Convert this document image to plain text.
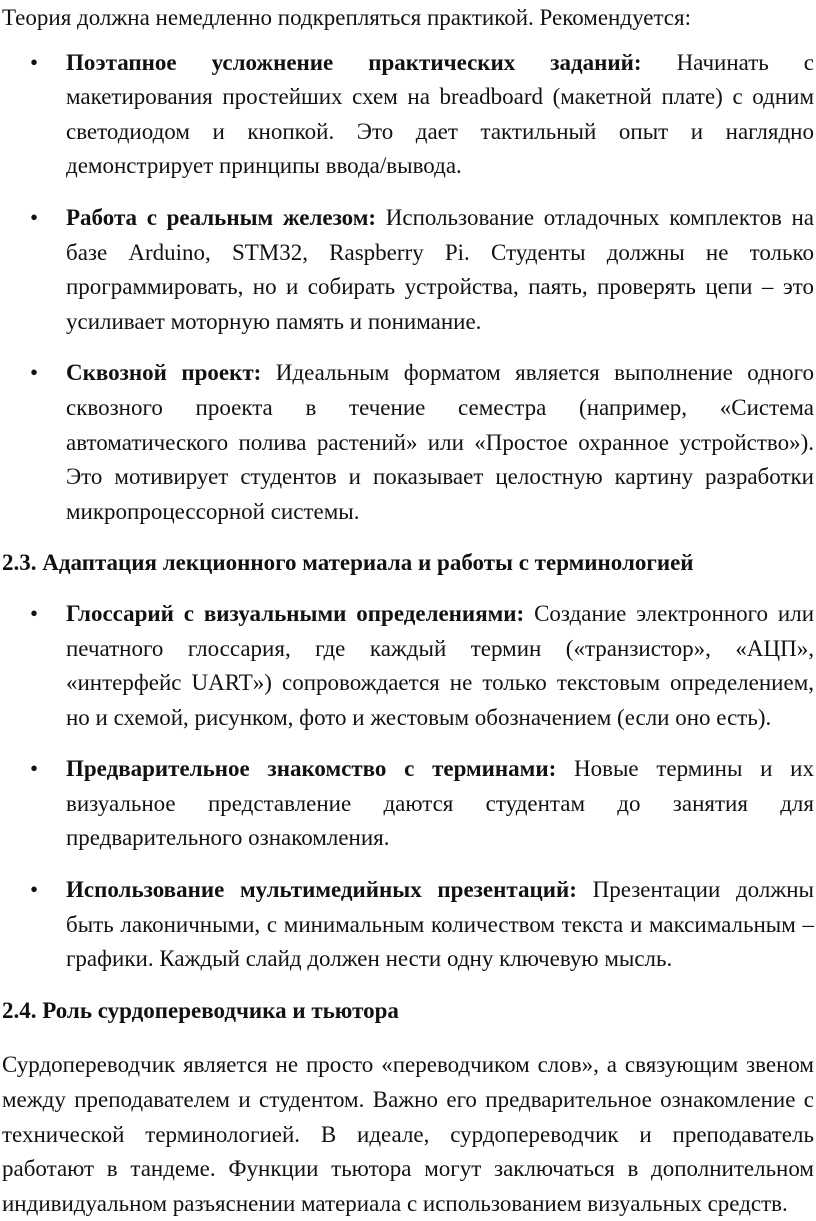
Теория должна немедленно подкрепляться практикой. Рекомендуется:

• Поэтапное усложнение практических заданий: Начинать с макетирования простейших схем на breadboard (макетной плате) с одним светодиодом и кнопкой. Это дает тактильный опыт и наглядно демонстрирует принципы ввода/вывода.
• Работа с реальным железом: Использование отладочных комплектов на базе Arduino, STM32, Raspberry Pi. Студенты должны не только программировать, но и собирать устройства, паять, проверять цепи – это усиливает моторную память и понимание.
• Сквозной проект: Идеальным форматом является выполнение одного сквозного проекта в течение семестра (например, «Система автоматического полива растений» или «Простое охранное устройство»). Это мотивирует студентов и показывает целостную картину разработки микропроцессорной системы.

2.3. Адаптация лекционного материала и работы с терминологией

• Глоссарий с визуальными определениями: Создание электронного или печатного глоссария, где каждый термин («транзистор», «АЦП», «интерфейс UART») сопровождается не только текстовым определением, но и схемой, рисунком, фото и жестовым обозначением (если оно есть).
• Предварительное знакомство с терминами: Новые термины и их визуальное представление даются студентам до занятия для предварительного ознакомления.
• Использование мультимедийных презентаций: Презентации должны быть лаконичными, с минимальным количеством текста и максимальным – графики. Каждый слайд должен нести одну ключевую мысль.

2.4. Роль сурдопереводчика и тьютора

Сурдопереводчик является не просто «переводчиком слов», а связующим звеном между преподавателем и студентом. Важно его предварительное ознакомление с технической терминологией. В идеале, сурдопереводчик и преподаватель работают в тандеме. Функции тьютора могут заключаться в дополнительном индивидуальном разъяснении материала с использованием визуальных средств.
